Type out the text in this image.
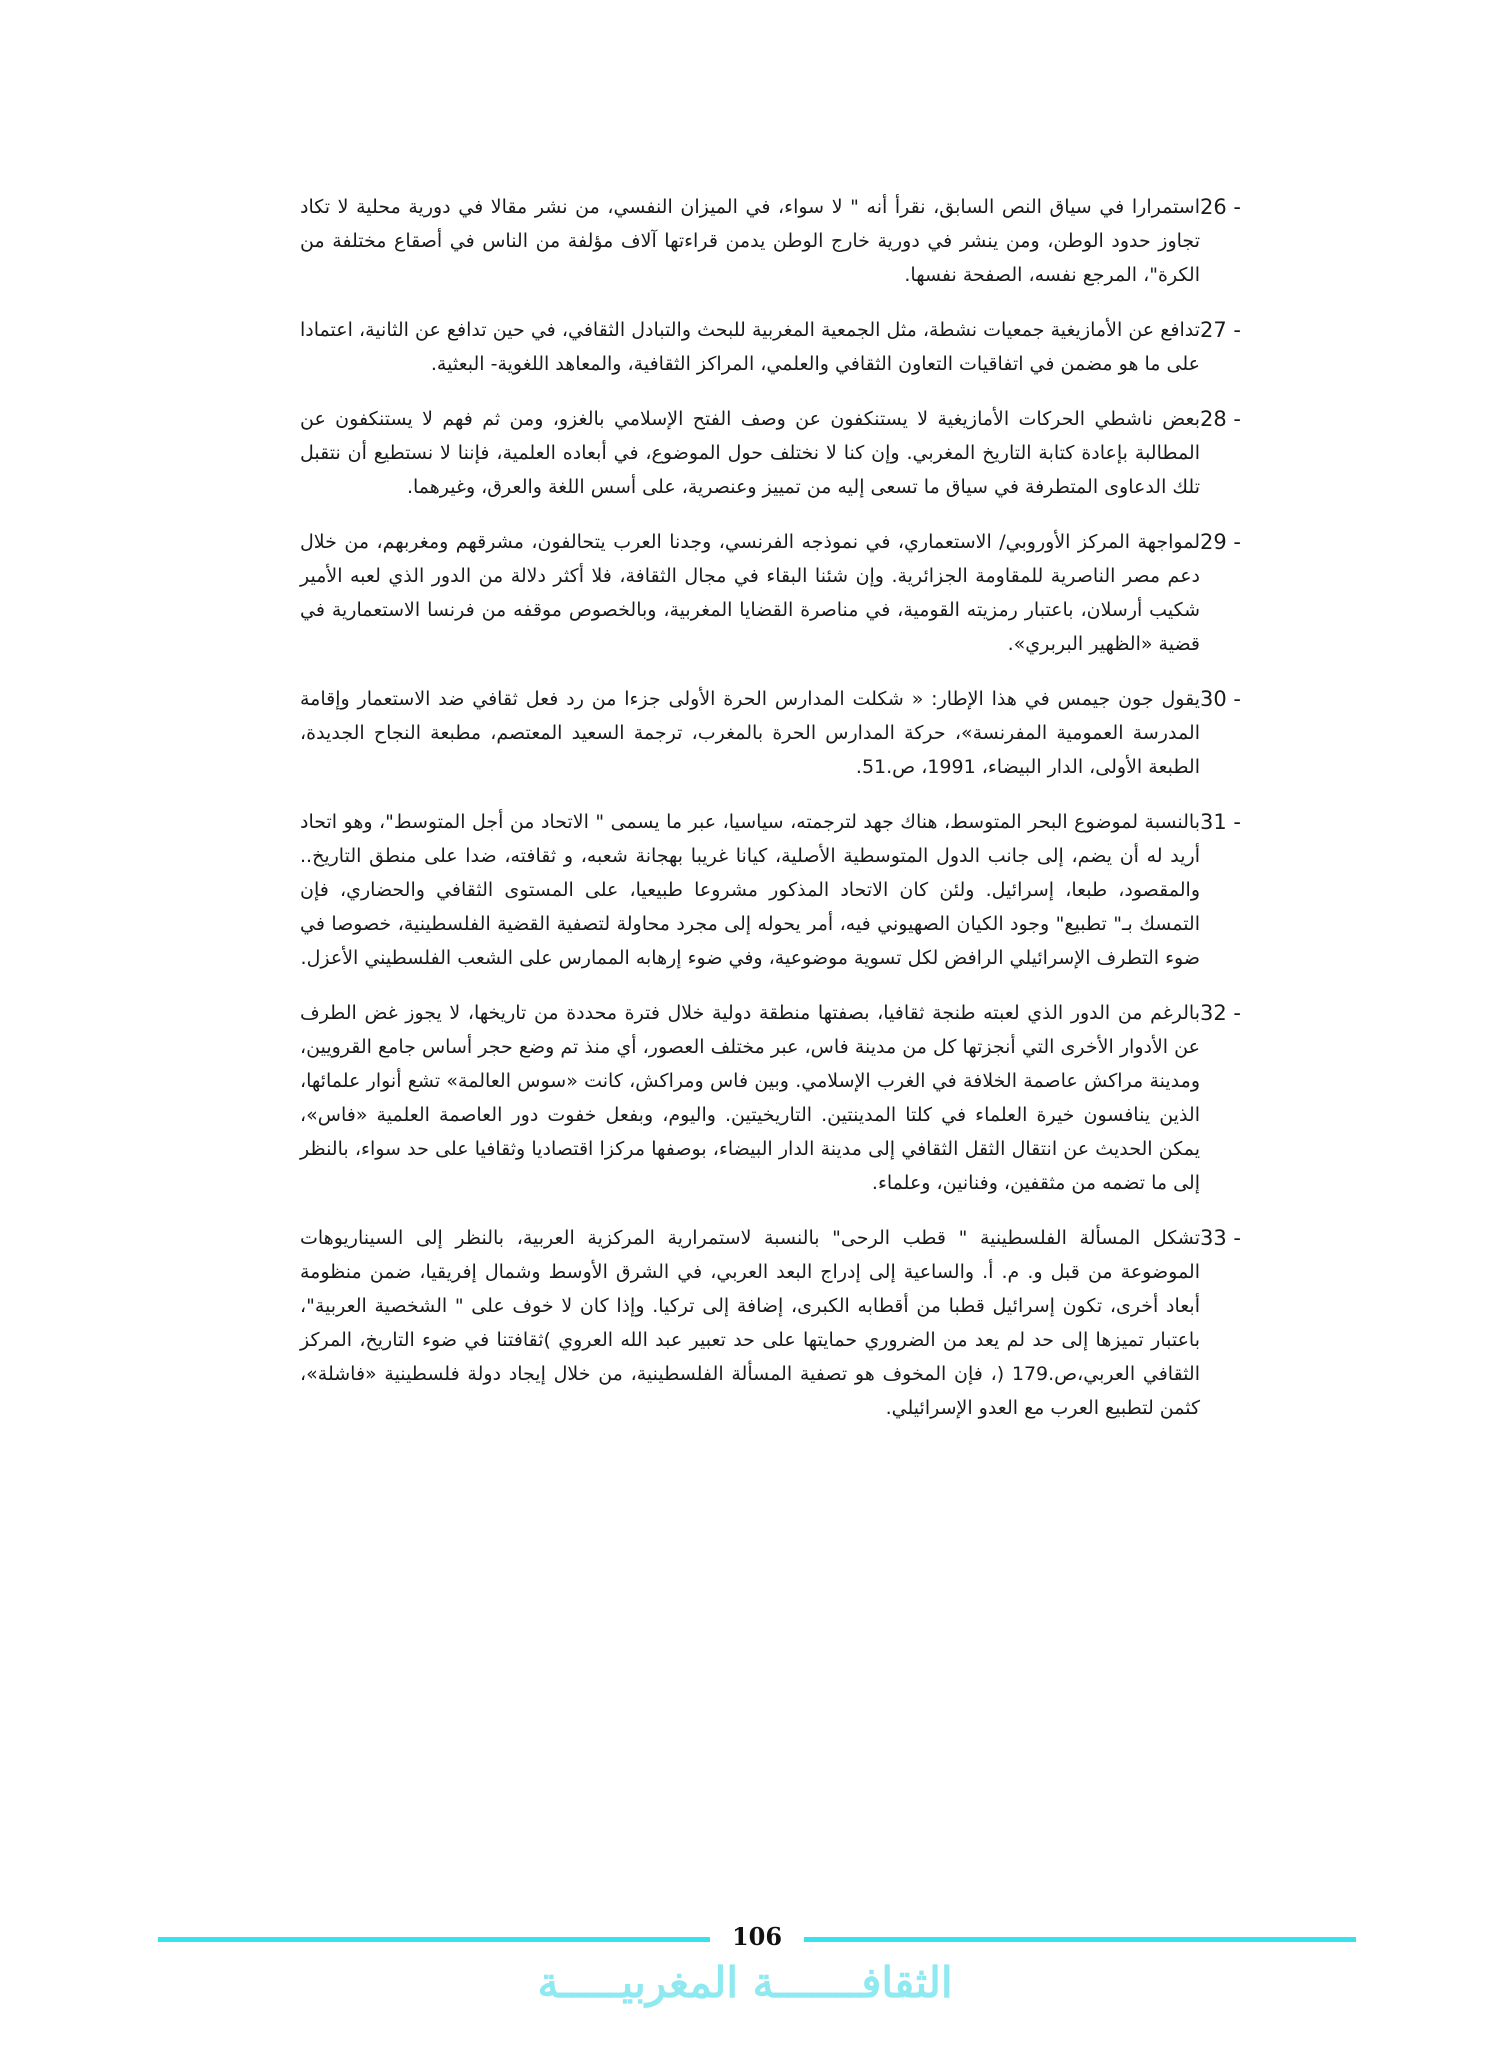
26 -
استمرارا في سياق النص السابق، نقرأ أنه " لا سواء، في الميزان النفسي، من نشر مقالا في دورية محلية لا تكاد تجاوز حدود الوطن، ومن ينشر في دورية خارج الوطن يدمن قراءتها آلاف مؤلفة من الناس في أصقاع مختلفة من الكرة"، المرجع نفسه، الصفحة نفسها.
27 -
تدافع عن الأمازيغية جمعيات نشطة، مثل الجمعية المغربية للبحث والتبادل الثقافي، في حين تدافع عن الثانية، اعتمادا على ما هو مضمن في اتفاقيات التعاون الثقافي والعلمي، المراكز الثقافية، والمعاهد اللغوية- البعثية.
28 -
بعض ناشطي الحركات الأمازيغية لا يستنكفون عن وصف الفتح الإسلامي بالغزو، ومن ثم فهم لا يستنكفون عن المطالبة بإعادة كتابة التاريخ المغربي. وإن كنا لا نختلف حول الموضوع، في أبعاده العلمية، فإننا لا نستطيع أن نتقبل تلك الدعاوى المتطرفة في سياق ما تسعى إليه من تمييز وعنصرية، على أسس اللغة والعرق، وغيرهما.
29 -
لمواجهة المركز الأوروبي/ الاستعماري، في نموذجه الفرنسي، وجدنا العرب يتحالفون، مشرقهم ومغربهم، من خلال دعم مصر الناصرية للمقاومة الجزائرية. وإن شئنا البقاء في مجال الثقافة، فلا أكثر دلالة من الدور الذي لعبه الأمير شكيب أرسلان، باعتبار رمزيته القومية، في مناصرة القضايا المغربية، وبالخصوص موقفه من فرنسا الاستعمارية في قضية «الظهير البربري».
30 -
يقول جون جيمس في هذا الإطار: « شكلت المدارس الحرة الأولى جزءا من رد فعل ثقافي ضد الاستعمار وإقامة المدرسة العمومية المفرنسة»، حركة المدارس الحرة بالمغرب، ترجمة السعيد المعتصم، مطبعة النجاح الجديدة، الطبعة الأولى، الدار البيضاء، 1991، ص.51.
31 -
بالنسبة لموضوع البحر المتوسط، هناك جهد لترجمته، سياسيا، عبر ما يسمى " الاتحاد من أجل المتوسط"، وهو اتحاد أريد له أن يضم، إلى جانب الدول المتوسطية الأصلية، كيانا غريبا بهجانة شعبه، و ثقافته، ضدا على منطق التاريخ.. والمقصود، طبعا، إسرائيل. ولئن كان الاتحاد المذكور مشروعا طبيعيا، على المستوى الثقافي والحضاري، فإن التمسك بـ" تطبيع" وجود الكيان الصهيوني فيه، أمر يحوله إلى مجرد محاولة لتصفية القضية الفلسطينية، خصوصا في ضوء التطرف الإسرائيلي الرافض لكل تسوية موضوعية، وفي ضوء إرهابه الممارس على الشعب الفلسطيني الأعزل.
32 -
بالرغم من الدور الذي لعبته طنجة ثقافيا، بصفتها منطقة دولية خلال فترة محددة من تاريخها، لا يجوز غض الطرف عن الأدوار الأخرى التي أنجزتها كل من مدينة فاس، عبر مختلف العصور، أي منذ تم وضع حجر أساس جامع القرويين، ومدينة مراكش عاصمة الخلافة في الغرب الإسلامي. وبين فاس ومراكش، كانت «سوس العالمة» تشع أنوار علمائها، الذين ينافسون خيرة العلماء في كلتا المدينتين. التاريخيتين. واليوم، وبفعل خفوت دور العاصمة العلمية «فاس»، يمكن الحديث عن انتقال الثقل الثقافي إلى مدينة الدار البيضاء، بوصفها مركزا اقتصاديا وثقافيا على حد سواء، بالنظر إلى ما تضمه من مثقفين، وفنانين، وعلماء.
33 -
تشكل المسألة الفلسطينية " قطب الرحى" بالنسبة لاستمرارية المركزية العربية، بالنظر إلى السيناريوهات الموضوعة من قبل و. م. أ. والساعية إلى إدراج البعد العربي، في الشرق الأوسط وشمال إفريقيا، ضمن منظومة أبعاد أخرى، تكون إسرائيل قطبا من أقطابه الكبرى، إضافة إلى تركيا. وإذا كان لا خوف على " الشخصية العربية"، باعتبار تميزها إلى حد لم يعد من الضروري حمايتها على حد تعبير عبد الله العروي )ثقافتنا في ضوء التاريخ، المركز الثقافي العربي،ص.179 (، فإن المخوف هو تصفية المسألة الفلسطينية، من خلال إيجاد دولة فلسطينية «فاشلة»، كثمن لتطبيع العرب مع العدو الإسرائيلي.
106
الثقافـــــــة المغربيـــــة
